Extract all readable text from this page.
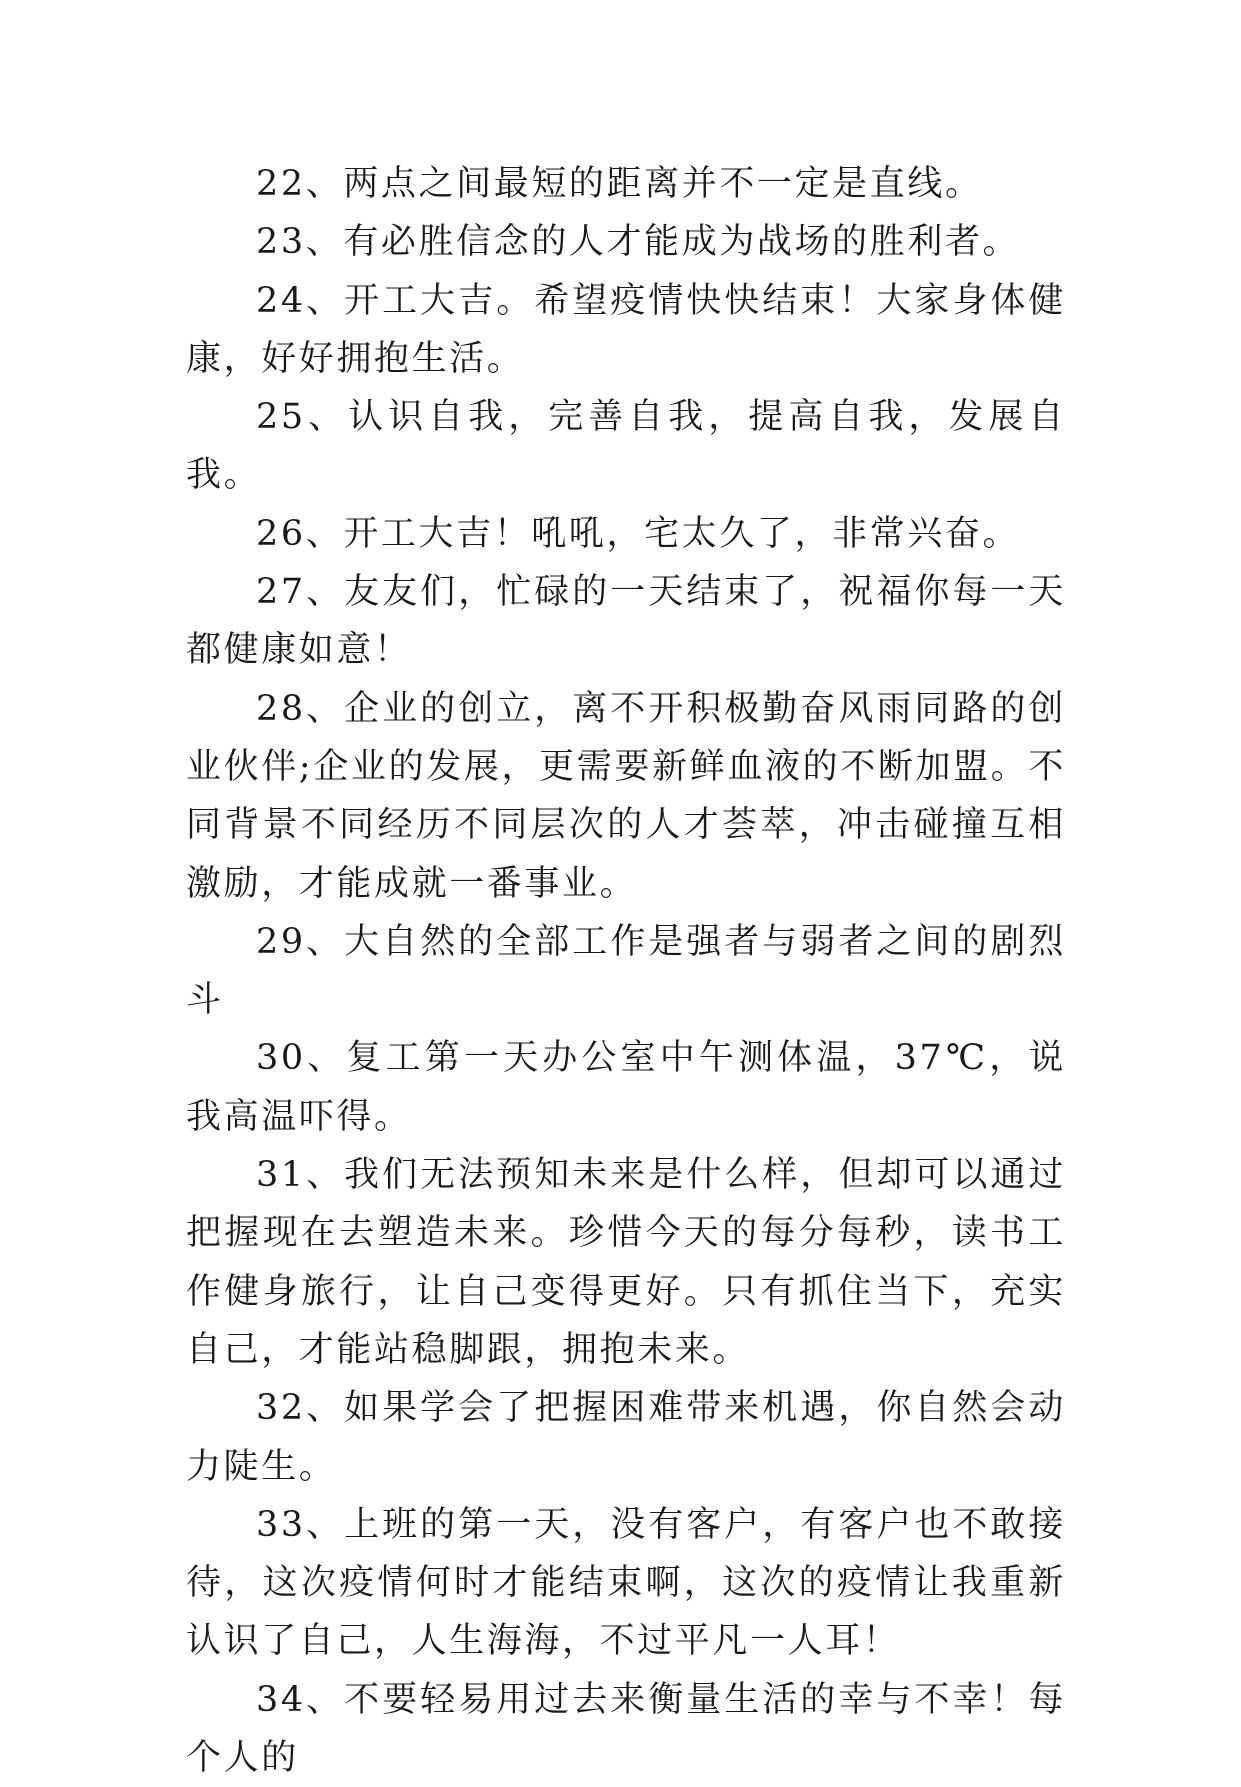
22、两点之间最短的距离并不一定是直线。

23、有必胜信念的人才能成为战场的胜利者。

24、开工大吉。希望疫情快快结束！大家身体健康，好好拥抱生活。

25、认识自我，完善自我，提高自我，发展自我。

26、开工大吉！吼吼，宅太久了，非常兴奋。

27、友友们，忙碌的一天结束了，祝福你每一天都健康如意！

28、企业的创立，离不开积极勤奋风雨同路的创业伙伴;企业的发展，更需要新鲜血液的不断加盟。不同背景不同经历不同层次的人才荟萃，冲击碰撞互相激励，才能成就一番事业。

29、大自然的全部工作是强者与弱者之间的剧烈斗

30、复工第一天办公室中午测体温，37℃，说我高温吓得。

31、我们无法预知未来是什么样，但却可以通过把握现在去塑造未来。珍惜今天的每分每秒，读书工作健身旅行，让自己变得更好。只有抓住当下，充实自己，才能站稳脚跟，拥抱未来。

32、如果学会了把握困难带来机遇，你自然会动力陡生。

33、上班的第一天，没有客户，有客户也不敢接待，这次疫情何时才能结束啊，这次的疫情让我重新认识了自己，人生海海，不过平凡一人耳！

34、不要轻易用过去来衡量生活的幸与不幸！每个人的
